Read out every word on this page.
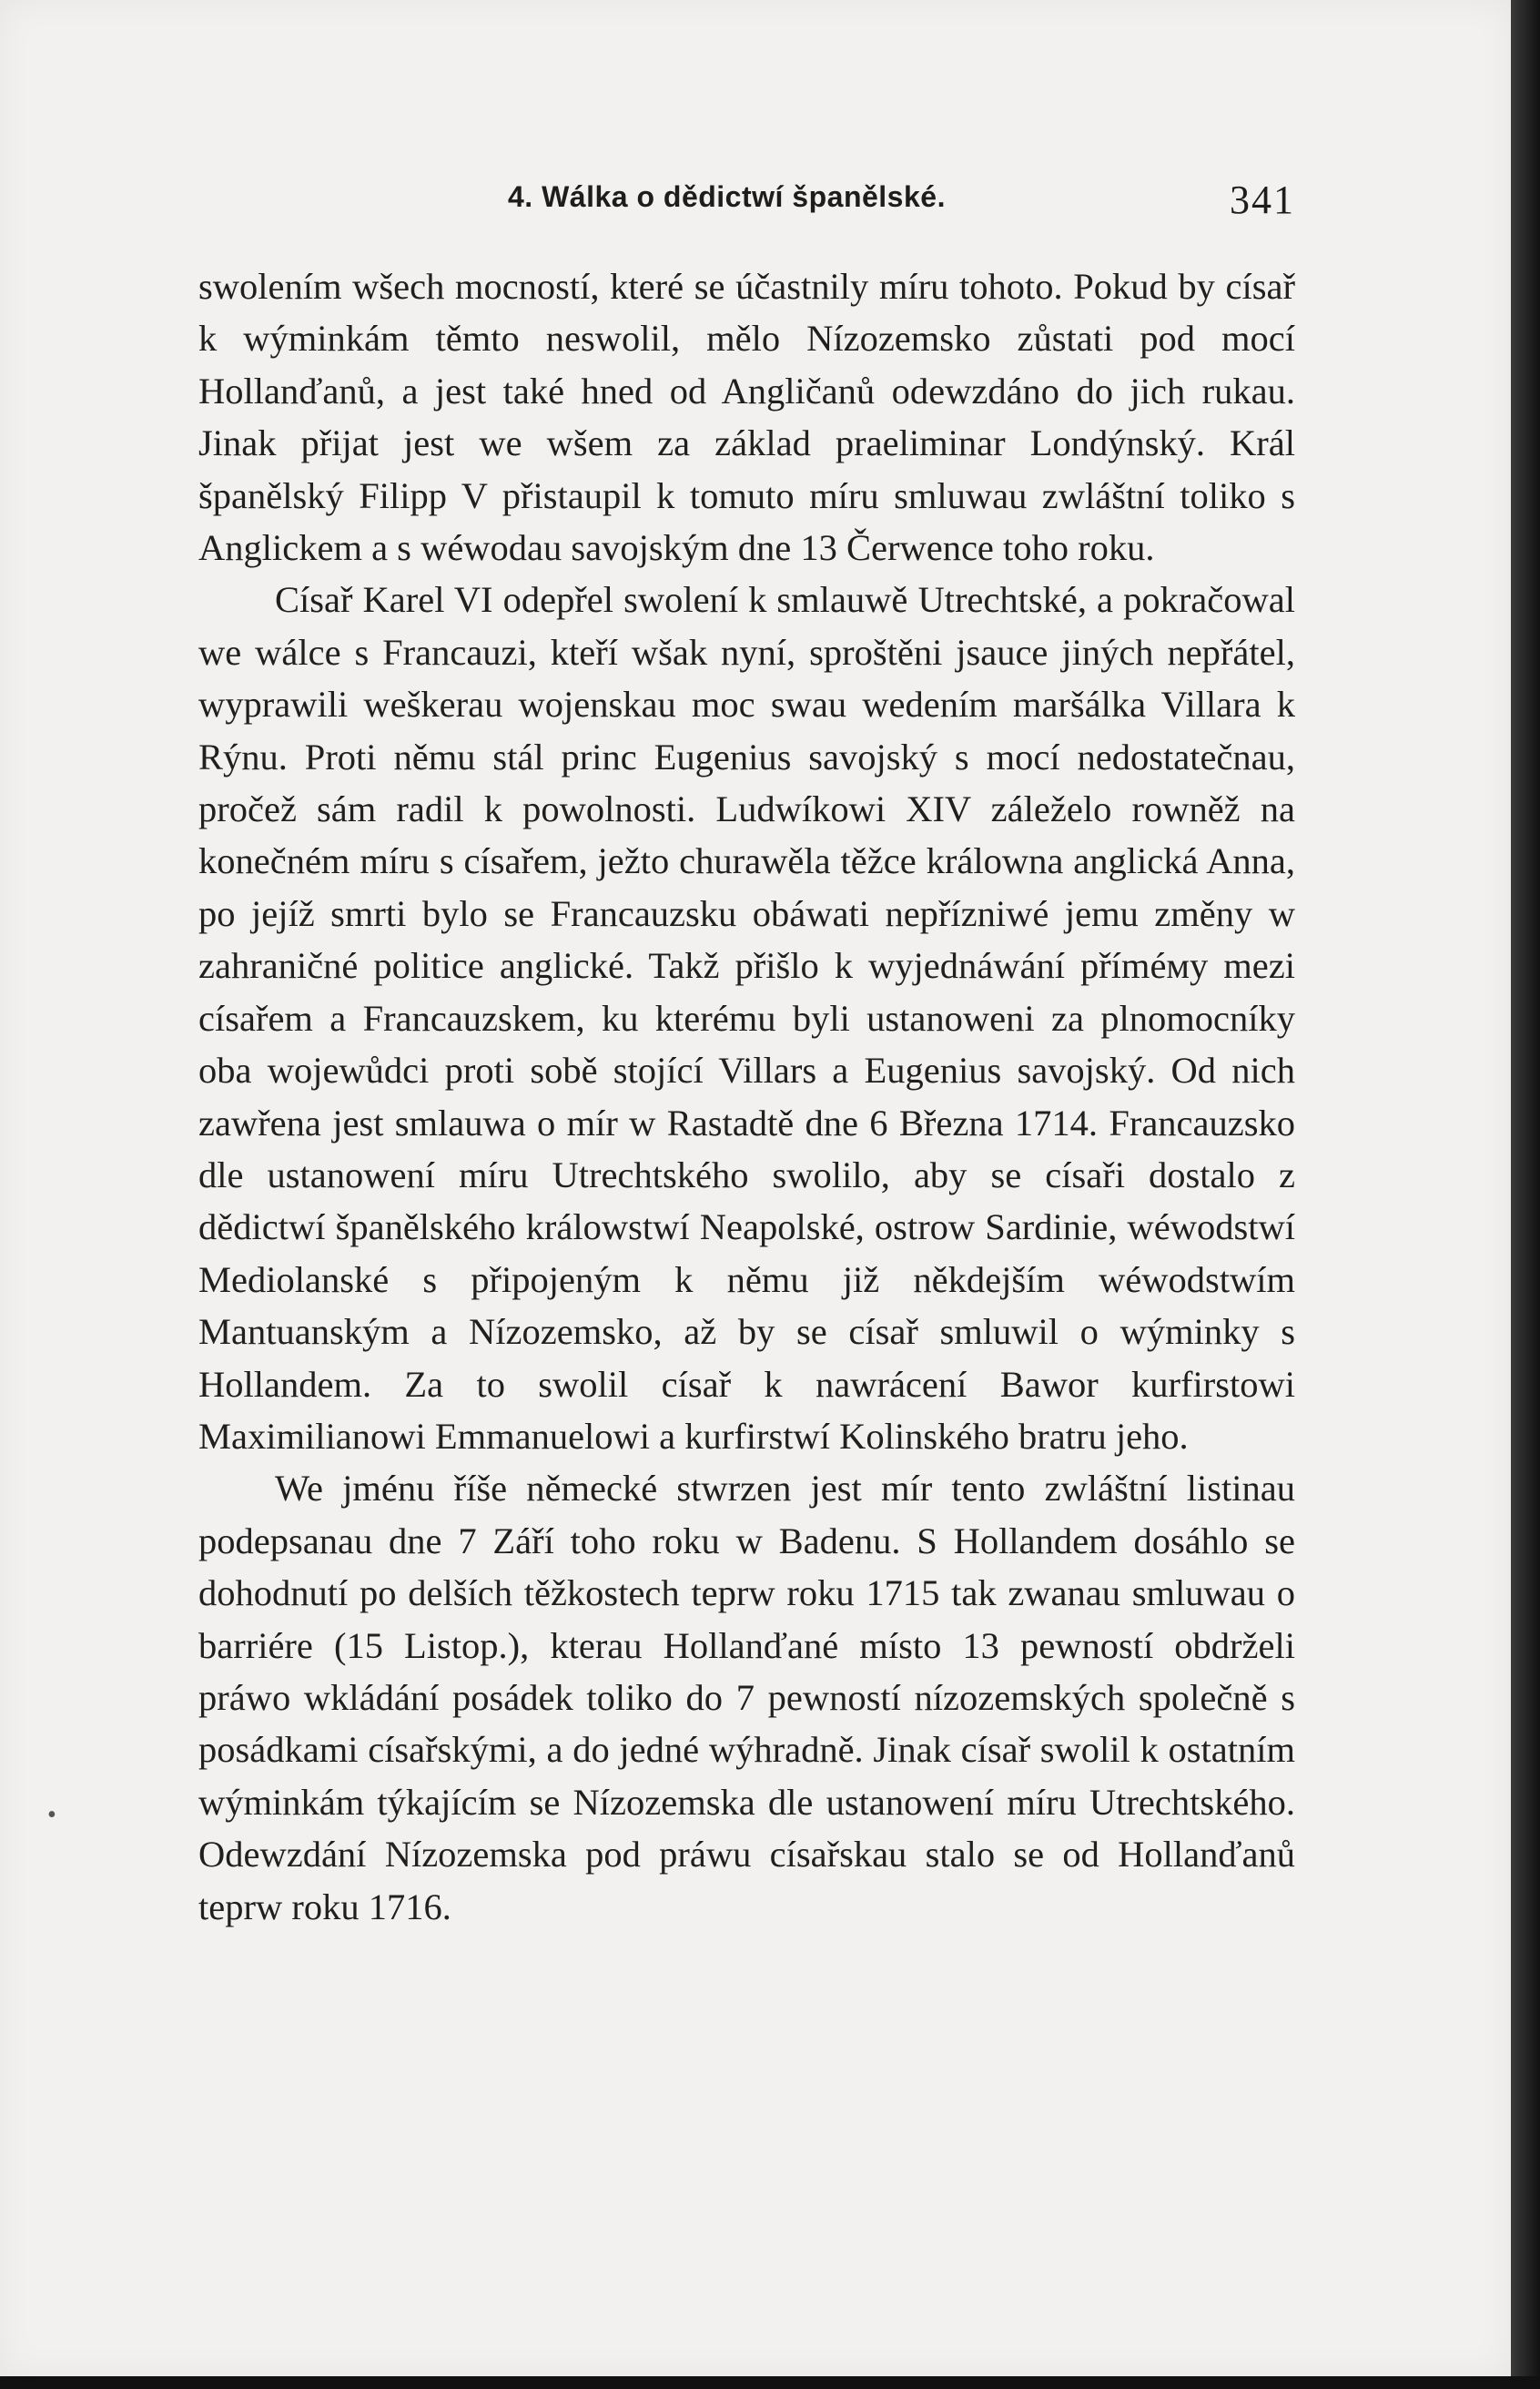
4. Wálka o dědictwí španělské.	341

swolením wšech mocností, které se účastnily míru tohoto. Pokud by císař k wýminkám těmto neswolil, mělo Nízozemsko zůstati pod mocí Hollanďanů, a jest také hned od Angličanů odewzdáno do jich rukau. Jinak přijat jest we wšem za základ praeliminar Londýnský. Král španělský Filipp V přistaupil k tomuto míru smluwau zwláštní toliko s Anglickem a s wéwodau savojským dne 13 Čerwence toho roku.

Císař Karel VI odepřel swolení k smlauwě Utrechtské, a pokračowal we wálce s Francauzi, kteří wšak nyní, sproštěni jsauce jiných nepřátel, wyprawili weškerau wojenskau moc swau wedením maršálka Villara k Rýnu. Proti němu stál princ Eugenius savojský s mocí nedostatečnau, pročež sám radil k powolnosti. Ludwíkowi XIV záleželo rowněž na konečném míru s císařem, ježto churawěla těžce králowna anglická Anna, po jejíž smrti bylo se Francauzsku obáwati nepřízniwé jemu změny w zahraničné politice anglické. Takž přišlo k wyjednáwání příméму mezi císařem a Francauzskem, ku kterému byli ustanoweni za plnomocníky oba wojewůdci proti sobě stojící Villars a Eugenius savojský. Od nich zawřena jest smlauwa o mír w Rastadtě dne 6 Března 1714. Francauzsko dle ustanowení míru Utrechtského swolilo, aby se císaři dostalo z dědictwí španělského králowstwí Neapolské, ostrow Sardinie, wéwodstwí Mediolanské s připojeným k němu již někdejším wéwodstwím Mantuanským a Nízozemsko, až by se císař smluwil o wýminky s Hollandem. Za to swolil císař k nawrácení Bawor kurfirstowi Maximilianowi Emmanuelowi a kurfirstwí Kolinského bratru jeho.

We jménu říše německé stwrzen jest mír tento zwláštní listinau podepsanau dne 7 Září toho roku w Badenu. S Hollandem dosáhlo se dohodnutí po delších těžkostech teprw roku 1715 tak zwanau smluwau o barriére (15 Listop.), kterau Hollanďané místo 13 pewností obdrželi práwo wkládání posádek toliko do 7 pewností nízozemských společně s posádkami císařskými, a do jedné wýhradně. Jinak císař swolil k ostatním wýminkám týkajícím se Nízozemska dle ustanowení míru Utrechtského. Odewzdání Nízozemska pod práwu císařskau stalo se od Hollanďanů teprw roku 1716.

•
